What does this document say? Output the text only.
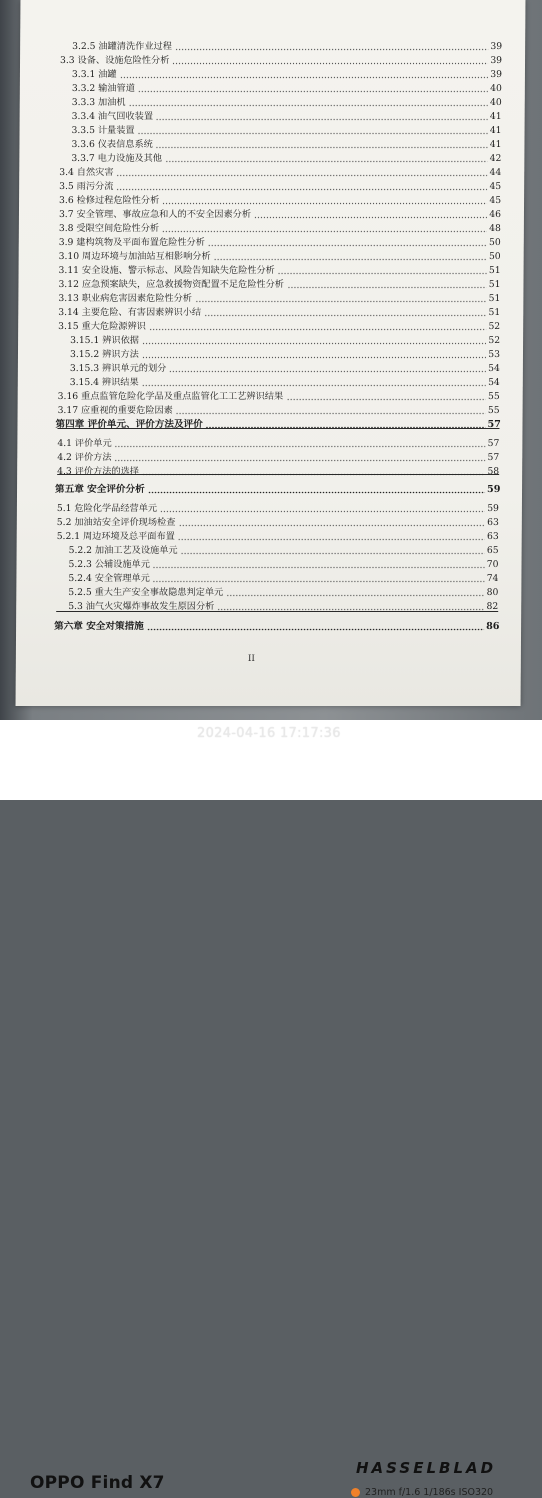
3.2.5 油罐清洗作业过程	39
3.3 设备、设施危险性分析	39
3.3.1 油罐	39
3.3.2 输油管道	40
3.3.3 加油机	40
3.3.4 油气回收装置	41
3.3.5 计量装置	41
3.3.6 仪表信息系统	41
3.3.7 电力设施及其他	42
3.4 自然灾害	44
3.5 雨污分流	45
3.6 检修过程危险性分析	45
3.7 安全管理、事故应急和人的不安全因素分析	46
3.8 受限空间危险性分析	48
3.9 建构筑物及平面布置危险性分析	50
3.10 周边环境与加油站互相影响分析	50
3.11 安全设施、警示标志、风险告知缺失危险性分析	51
3.12 应急预案缺失，应急救援物资配置不足危险性分析	51
3.13 职业病危害因素危险性分析	51
3.14 主要危险、有害因素辨识小结	51
3.15 重大危险源辨识	52
3.15.1 辨识依据	52
3.15.2 辨识方法	53
3.15.3 辨识单元的划分	54
3.15.4 辨识结果	54
3.16 重点监管危险化学品及重点监管化工工艺辨识结果	55
3.17 应重视的重要危险因素	55
第四章 评价单元、评价方法及评价	57
4.1 评价单元	57
4.2 评价方法	57
4.3 评价方法的选择	58
第五章 安全评价分析	59
5.1 危险化学品经营单元	59
5.2 加油站安全评价现场检查	63
5.2.1 周边环境及总平面布置	63
5.2.2 加油工艺及设施单元	65
5.2.3 公辅设施单元	70
5.2.4 安全管理单元	74
5.2.5 重大生产安全事故隐患判定单元	80
5.3 油气火灾爆炸事故发生原因分析	82
第六章 安全对策措施	86
II
OPPO Find X7
HASSELBLAD
23mm f/1.6 1/186s ISO320
2024-04-16 17:17:36
